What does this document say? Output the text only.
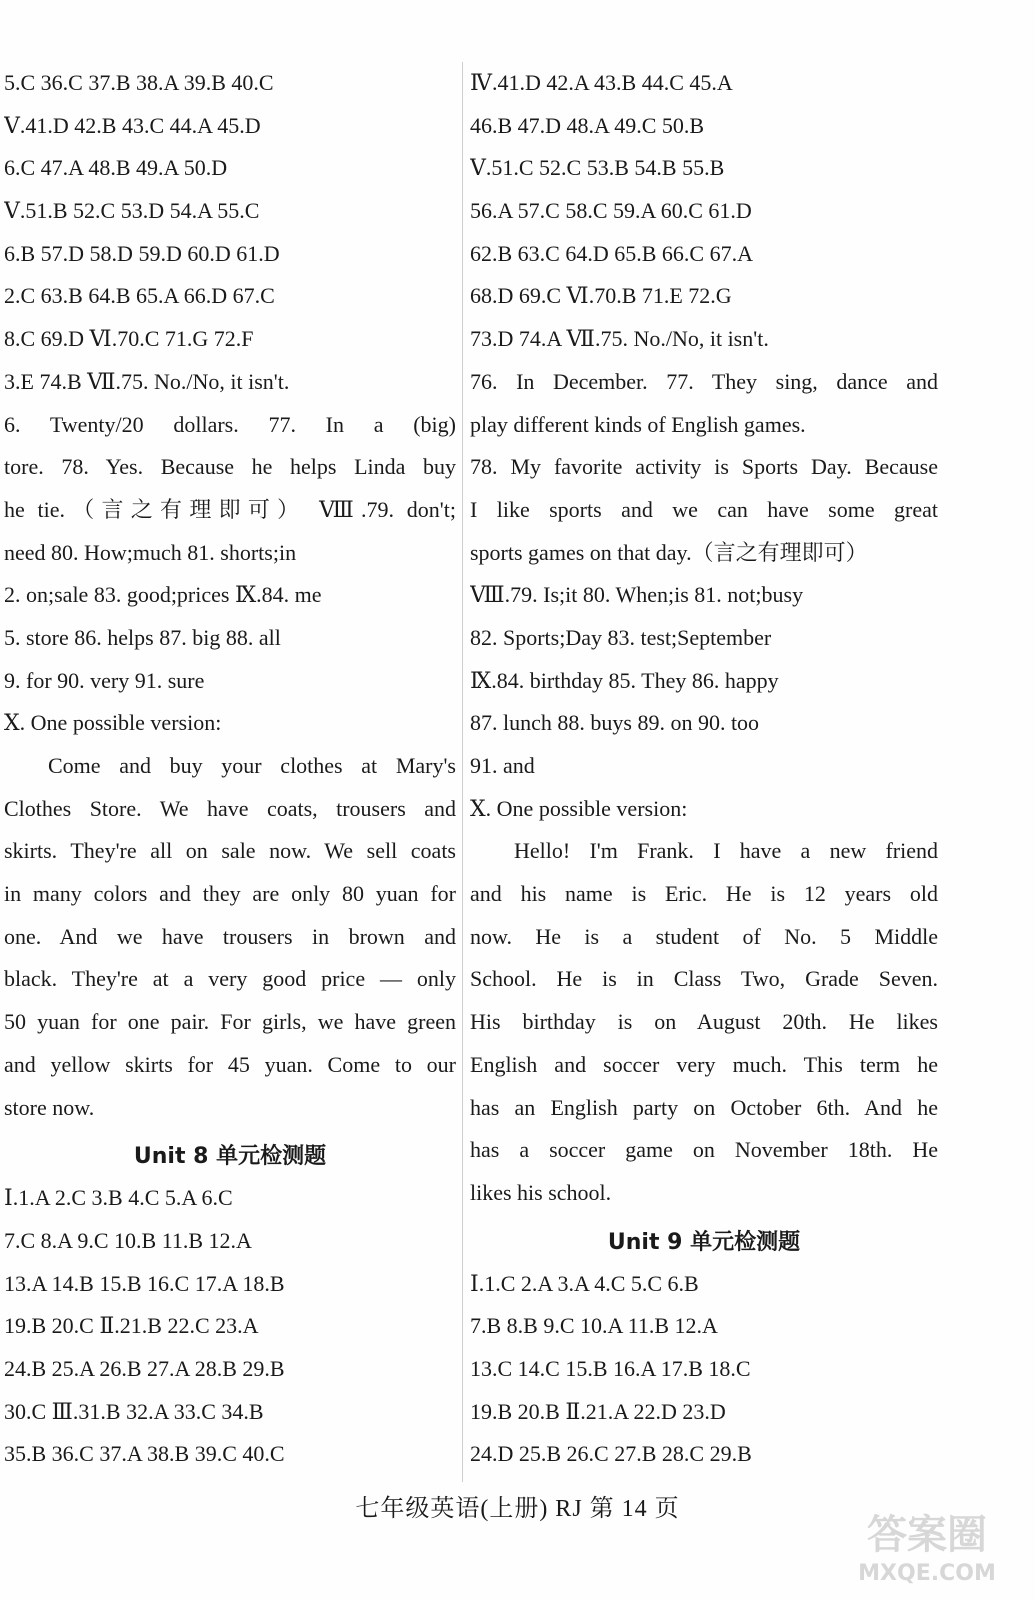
5.C 36.C 37.B 38.A 39.B 40.C
Ⅴ.41.D 42.B 43.C 44.A 45.D
6.C 47.A 48.B 49.A 50.D
Ⅴ.51.B 52.C 53.D 54.A 55.C
6.B 57.D 58.D 59.D 60.D 61.D
2.C 63.B 64.B 65.A 66.D 67.C
8.C 69.D Ⅵ.70.C 71.G 72.F
3.E 74.B Ⅶ.75. No./No, it isn't.
6. Twenty/20 dollars. 77. In a (big)
tore. 78. Yes. Because he helps Linda buy
he tie.（言之有理即可） Ⅷ.79. don't;
need 80. How;much 81. shorts;in
2. on;sale 83. good;prices Ⅸ.84. me
5. store 86. helps 87. big 88. all
9. for 90. very 91. sure
Ⅹ. One possible version:
Come and buy your clothes at Mary's
Clothes Store. We have coats, trousers and
skirts. They're all on sale now. We sell coats
in many colors and they are only 80 yuan for
one. And we have trousers in brown and
black. They're at a very good price — only
50 yuan for one pair. For girls, we have green
and yellow skirts for 45 yuan. Come to our
store now.
Unit 8 单元检测题
Ⅰ.1.A 2.C 3.B 4.C 5.A 6.C
7.C 8.A 9.C 10.B 11.B 12.A
13.A 14.B 15.B 16.C 17.A 18.B
19.B 20.C Ⅱ.21.B 22.C 23.A
24.B 25.A 26.B 27.A 28.B 29.B
30.C Ⅲ.31.B 32.A 33.C 34.B
35.B 36.C 37.A 38.B 39.C 40.C
Ⅳ.41.D 42.A 43.B 44.C 45.A
46.B 47.D 48.A 49.C 50.B
Ⅴ.51.C 52.C 53.B 54.B 55.B
56.A 57.C 58.C 59.A 60.C 61.D
62.B 63.C 64.D 65.B 66.C 67.A
68.D 69.C Ⅵ.70.B 71.E 72.G
73.D 74.A Ⅶ.75. No./No, it isn't.
76. In December. 77. They sing, dance and
play different kinds of English games.
78. My favorite activity is Sports Day. Because
I like sports and we can have some great
sports games on that day.（言之有理即可）
Ⅷ.79. Is;it 80. When;is 81. not;busy
82. Sports;Day 83. test;September
Ⅸ.84. birthday 85. They 86. happy
87. lunch 88. buys 89. on 90. too
91. and
Ⅹ. One possible version:
Hello! I'm Frank. I have a new friend
and his name is Eric. He is 12 years old
now. He is a student of No. 5 Middle
School. He is in Class Two, Grade Seven.
His birthday is on August 20th. He likes
English and soccer very much. This term he
has an English party on October 6th. And he
has a soccer game on November 18th. He
likes his school.
Unit 9 单元检测题
Ⅰ.1.C 2.A 3.A 4.C 5.C 6.B
7.B 8.B 9.C 10.A 11.B 12.A
13.C 14.C 15.B 16.A 17.B 18.C
19.B 20.B Ⅱ.21.A 22.D 23.D
24.D 25.B 26.C 27.B 28.C 29.B
七年级英语(上册) RJ 第 14 页
答案圈
MXQE.COM
